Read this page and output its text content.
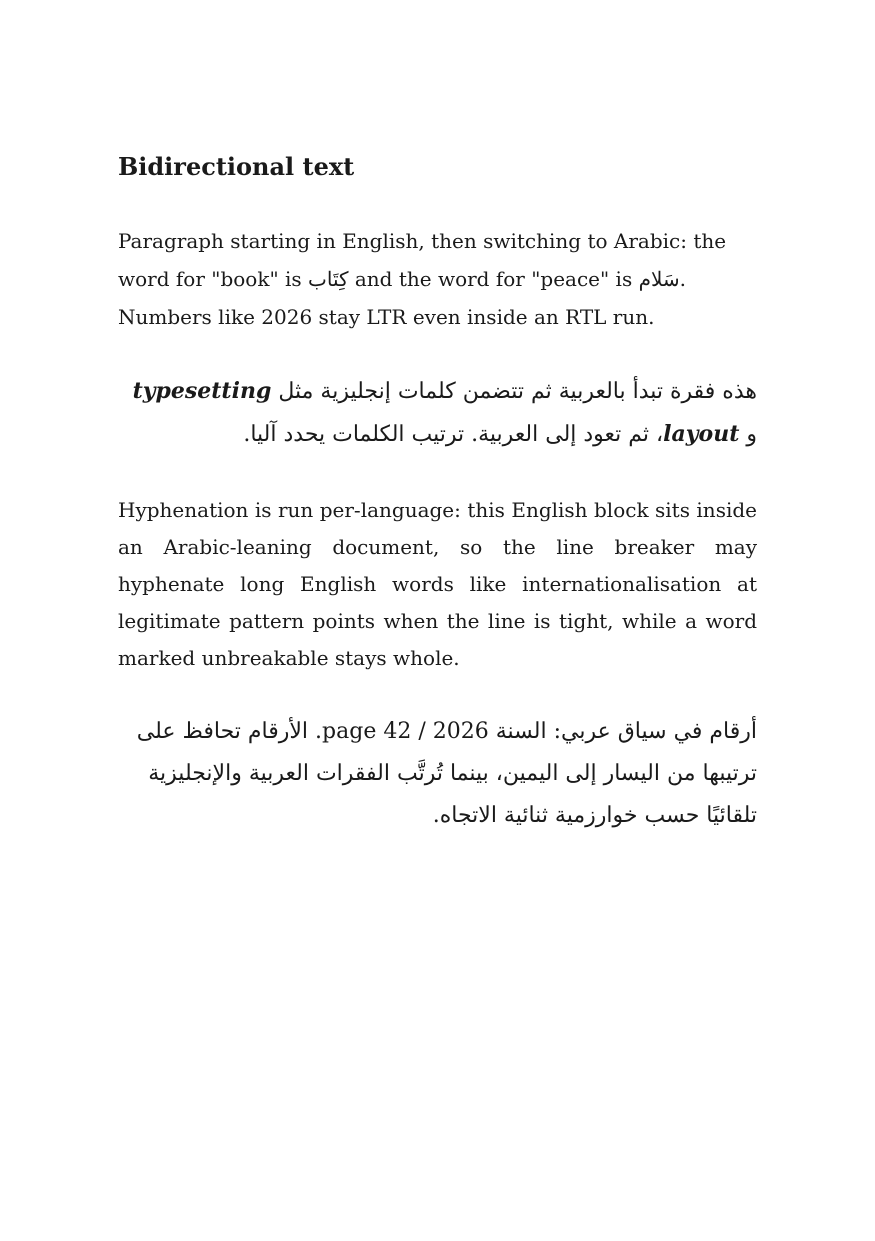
Bidirectional text

Paragraph starting in English, then switching to Arabic: the word for "book" is كِتَاب and the word for "peace" is سَلام. Numbers like 2026 stay LTR even inside an RTL run.

هذه فقرة تبدأ بالعربية ثم تتضمن كلمات إنجليزية مثل typesetting و layout، ثم تعود إلى العربية. ترتيب الكلمات يحدد آليا.

Hyphenation is run per-language: this English block sits inside an Arabic-leaning document, so the line breaker may hyphenate long English words like internationalisation at legitimate pattern points when the line is tight, while a word marked unbreakable stays whole.

أرقام في سياق عربي: السنة 2026 / page 42. الأرقام تحافظ على ترتيبها من اليسار إلى اليمين، بينما تُرتَّب الفقرات العربية والإنجليزية تلقائيًا حسب خوارزمية ثنائية الاتجاه.
